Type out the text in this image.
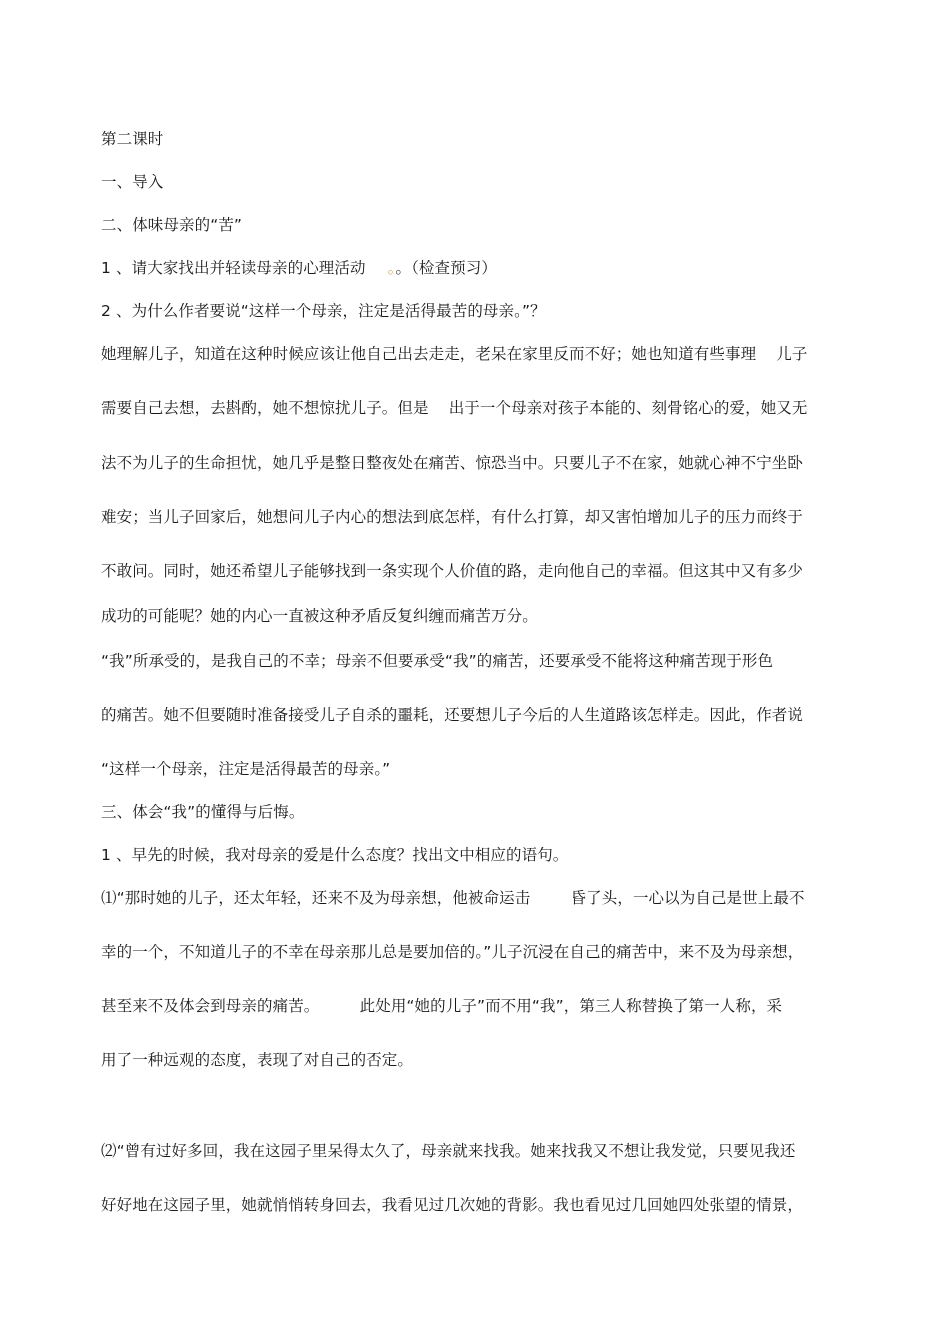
第二课时
一、导入
二、体味母亲的“苦”
1 、请大家找出并轻读母亲的心理活动 。。（检查预习）
2 、为什么作者要说“这样一个母亲，注定是活得最苦的母亲。”？
她理解儿子，知道在这种时候应该让他自己出去走走，老呆在家里反而不好；她也知道有些事理    儿子
需要自己去想，去斟酌，她不想惊扰儿子。但是    出于一个母亲对孩子本能的、刻骨铭心的爱，她又无
法不为儿子的生命担忧，她几乎是整日整夜处在痛苦、惊恐当中。只要儿子不在家，她就心神不宁坐卧
难安；当儿子回家后，她想问儿子内心的想法到底怎样，有什么打算，却又害怕增加儿子的压力而终于
不敢问。同时，她还希望儿子能够找到一条实现个人价值的路，走向他自己的幸福。但这其中又有多少
成功的可能呢？她的内心一直被这种矛盾反复纠缠而痛苦万分。
“我”所承受的，是我自己的不幸；母亲不但要承受“我”的痛苦，还要承受不能将这种痛苦现于形色
的痛苦。她不但要随时准备接受儿子自杀的噩耗，还要想儿子今后的人生道路该怎样走。因此，作者说
“这样一个母亲，注定是活得最苦的母亲。”
三、体会“我”的懂得与后悔。
1 、早先的时候，我对母亲的爱是什么态度？找出文中相应的语句。
⑴“那时她的儿子，还太年轻，还来不及为母亲想，他被命运击        昏了头，一心以为自己是世上最不
幸的一个，不知道儿子的不幸在母亲那儿总是要加倍的。”儿子沉浸在自己的痛苦中，来不及为母亲想，
甚至来不及体会到母亲的痛苦。        此处用“她的儿子”而不用“我”，第三人称替换了第一人称，采
用了一种远观的态度，表现了对自己的否定。
⑵“曾有过好多回，我在这园子里呆得太久了，母亲就来找我。她来找我又不想让我发觉，只要见我还
好好地在这园子里，她就悄悄转身回去，我看见过几次她的背影。我也看见过几回她四处张望的情景，
